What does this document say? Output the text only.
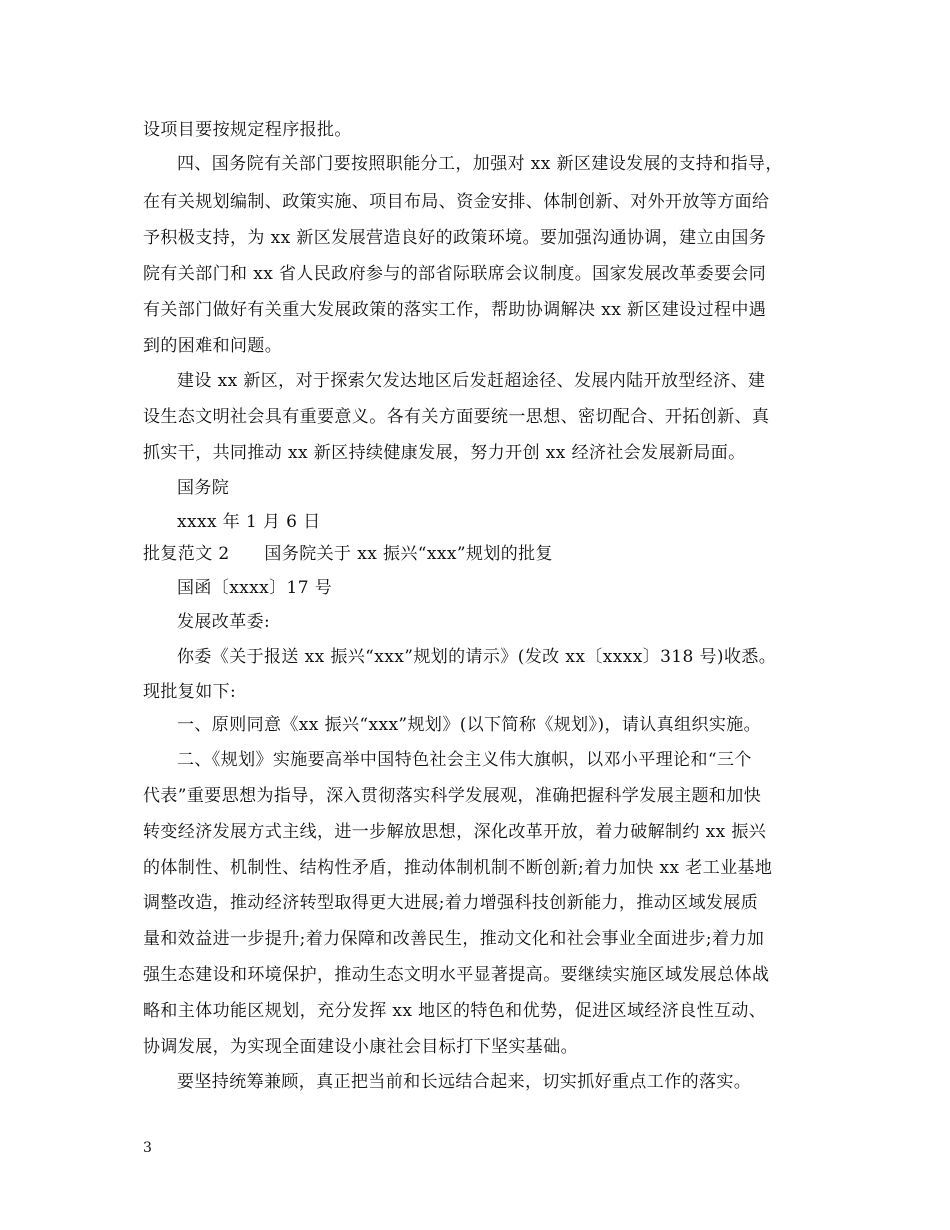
设项目要按规定程序报批。
四、国务院有关部门要按照职能分工，加强对 xx 新区建设发展的支持和指导，
在有关规划编制、政策实施、项目布局、资金安排、体制创新、对外开放等方面给
予积极支持，为 xx 新区发展营造良好的政策环境。要加强沟通协调，建立由国务
院有关部门和 xx 省人民政府参与的部省际联席会议制度。国家发展改革委要会同
有关部门做好有关重大发展政策的落实工作，帮助协调解决 xx 新区建设过程中遇
到的困难和问题。
建设 xx 新区，对于探索欠发达地区后发赶超途径、发展内陆开放型经济、建
设生态文明社会具有重要意义。各有关方面要统一思想、密切配合、开拓创新、真
抓实干，共同推动 xx 新区持续健康发展，努力开创 xx 经济社会发展新局面。
国务院
xxxx 年 1 月 6 日
批复范文 2　　国务院关于 xx 振兴“xxx”规划的批复
国函〔xxxx〕17 号
发展改革委:
你委《关于报送 xx 振兴“xxx”规划的请示》(发改 xx〔xxxx〕318 号)收悉。
现批复如下:
一、原则同意《xx 振兴“xxx”规划》(以下简称《规划》)，请认真组织实施。
二、《规划》实施要高举中国特色社会主义伟大旗帜，以邓小平理论和“三个
代表”重要思想为指导，深入贯彻落实科学发展观，准确把握科学发展主题和加快
转变经济发展方式主线，进一步解放思想，深化改革开放，着力破解制约 xx 振兴
的体制性、机制性、结构性矛盾，推动体制机制不断创新;着力加快 xx 老工业基地
调整改造，推动经济转型取得更大进展;着力增强科技创新能力，推动区域发展质
量和效益进一步提升;着力保障和改善民生，推动文化和社会事业全面进步;着力加
强生态建设和环境保护，推动生态文明水平显著提高。要继续实施区域发展总体战
略和主体功能区规划，充分发挥 xx 地区的特色和优势，促进区域经济良性互动、
协调发展，为实现全面建设小康社会目标打下坚实基础。
要坚持统筹兼顾，真正把当前和长远结合起来，切实抓好重点工作的落实。
3
